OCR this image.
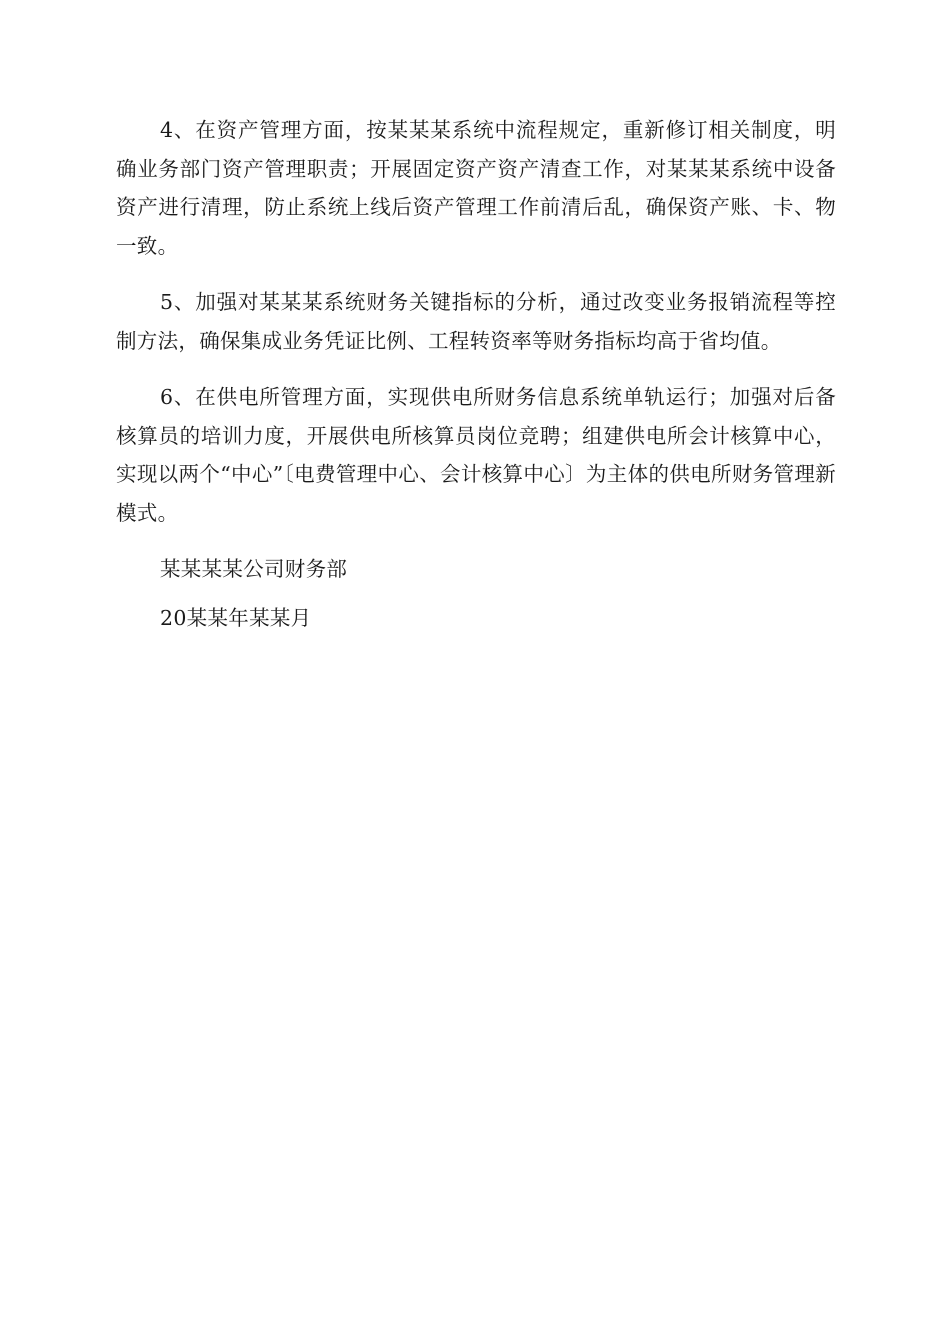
4、在资产管理方面，按某某某系统中流程规定，重新修订相关制度，明确业务部门资产管理职责；开展固定资产资产清查工作，对某某某系统中设备资产进行清理，防止系统上线后资产管理工作前清后乱，确保资产账、卡、物一致。

5、加强对某某某系统财务关键指标的分析，通过改变业务报销流程等控制方法，确保集成业务凭证比例、工程转资率等财务指标均高于省均值。

6、在供电所管理方面，实现供电所财务信息系统单轨运行；加强对后备核算员的培训力度，开展供电所核算员岗位竞聘；组建供电所会计核算中心，实现以两个“中心”〔电费管理中心、会计核算中心〕为主体的供电所财务管理新模式。

某某某某公司财务部

20某某年某某月
